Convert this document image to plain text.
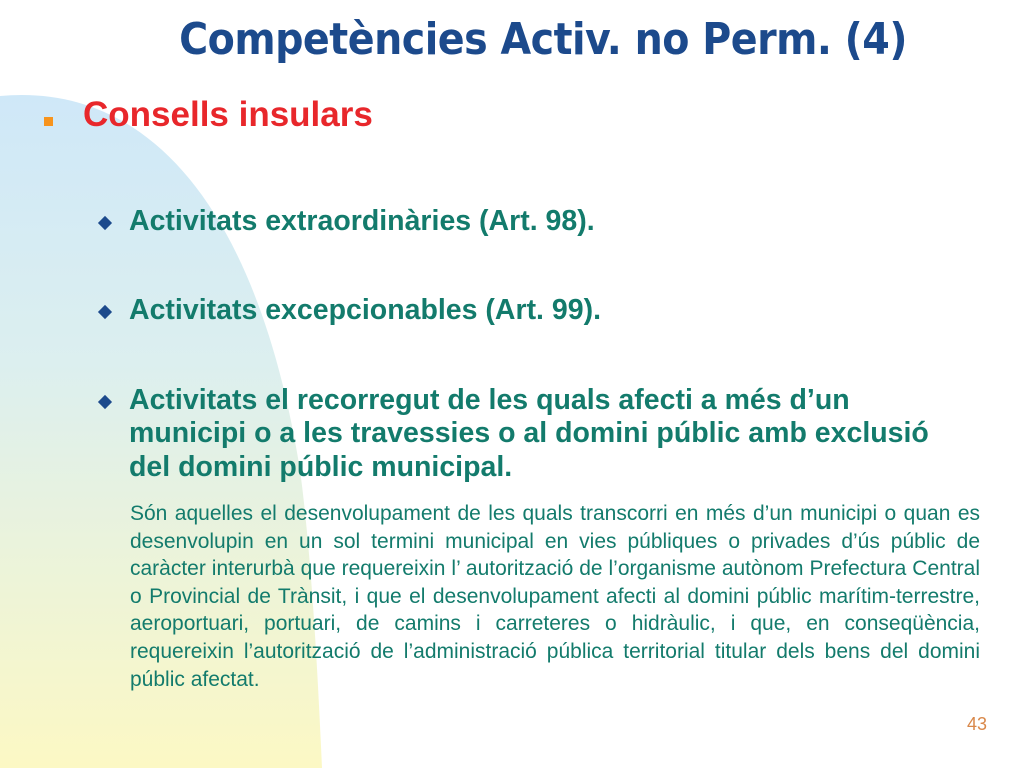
Competències Activ. no Perm. (4)
Consells insulars
Activitats extraordinàries (Art. 98).
Activitats excepcionables (Art. 99).
Activitats el recorregut de les quals afecti a més d’un municipi o a les travessies o al domini públic amb exclusió del domini públic municipal.

Són aquelles el desenvolupament de les quals transcorri en més d’un municipi o quan es desenvolupin en un sol termini municipal en vies públiques o privades d’ús públic de caràcter interurbà que requereixin l’ autorització de l’organisme autònom Prefectura Central o Provincial de Trànsit, i que el desenvolupament afecti al domini públic marítim-terrestre, aeroportuari, portuari, de camins i carreteres o hidràulic, i que, en conseqüència, requereixin l’autorització de l’administració pública territorial titular dels bens del domini públic afectat.

43
